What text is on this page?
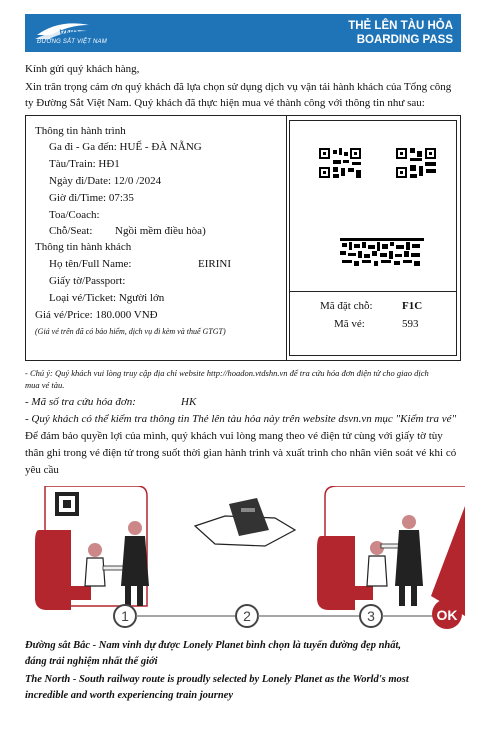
VNR
ĐƯỜNG SẮT VIỆT NAM
THẺ LÊN TÀU HỎA
BOARDING PASS
Kính gửi quý khách hàng,
Xin trân trọng cảm ơn quý khách đã lựa chọn sử dụng dịch vụ vận tải hành khách của Tổng công
ty Đường Sắt Việt Nam. Quý khách đã thực hiện mua vé thành công với thông tin như sau:
Thông tin hành trình
Ga đi - Ga đến: HUẾ - ĐÀ NẴNG
Tàu/Train: HĐ1
Ngày đi/Date: 12/0 /2024
Giờ đi/Time: 07:35
Toa/Coach:
Chỗ/Seat: Ngồi mềm điều hòa)
Thông tin hành khách
Họ tên/Full Name:	EIRINI
Giấy tờ/Passport:
Loại vé/Ticket: Người lớn
Giá vé/Price: 180.000 VNĐ
(Giá vé trên đã có bảo hiểm, dịch vụ đi kèm và thuế GTGT)
Mã đặt chỗ:	F1C
Mã vé:	593
- Chú ý: Quý khách vui lòng truy cập địa chỉ website http://hoadon.vtdshn.vn để tra cứu hóa đơn điện tử cho giao dịch
mua vé tàu.
- Mã số tra cứu hóa đơn:	HK
- Quý khách có thể kiểm tra thông tin Thẻ lên tàu hỏa này trên website dsvn.vn mục "Kiểm tra vé"
Để đảm bảo quyền lợi của mình, quý khách vui lòng mang theo vé điện tử cùng với giấy tờ tùy
thân ghi trong vé điện tử trong suốt thời gian hành trình và xuất trình cho nhân viên soát vé khi có
yêu cầu
1	2	3	OK
Đường sắt Bắc - Nam vinh dự được Lonely Planet bình chọn là tuyến đường đẹp nhất,
đáng trải nghiệm nhất thế giới
The North - South railway route is proudly selected by Lonely Planet as the World's most
incredible and worth experiencing train journey
